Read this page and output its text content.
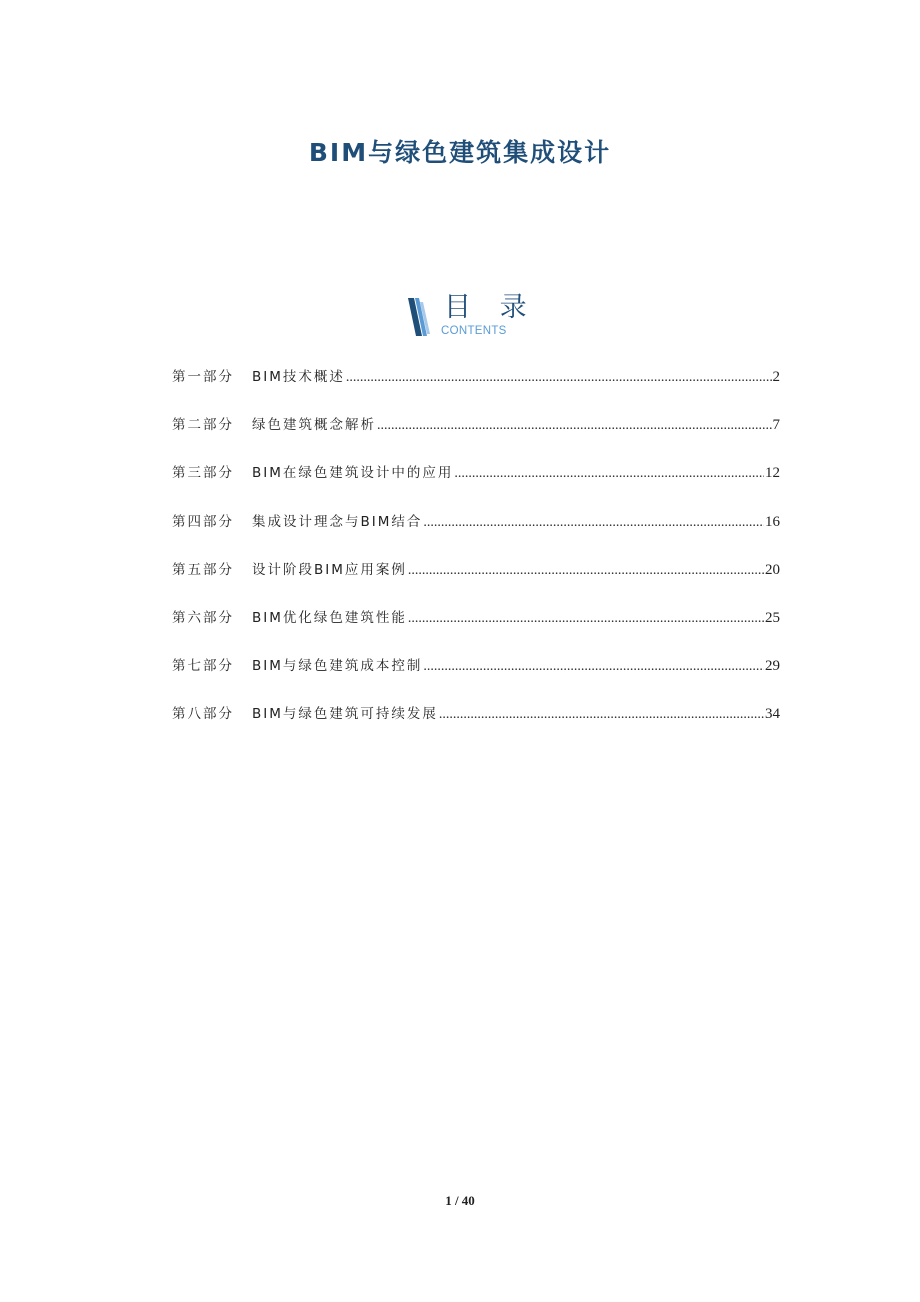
BIM与绿色建筑集成设计
目 录
CONTENTS
第一部分	BIM技术概述 .....	2
第二部分	绿色建筑概念解析 .....	7
第三部分	BIM在绿色建筑设计中的应用 .....	12
第四部分	集成设计理念与BIM结合 .....	16
第五部分	设计阶段BIM应用案例 .....	20
第六部分	BIM优化绿色建筑性能 .....	25
第七部分	BIM与绿色建筑成本控制 .....	29
第八部分	BIM与绿色建筑可持续发展 .....	34
1 / 40
